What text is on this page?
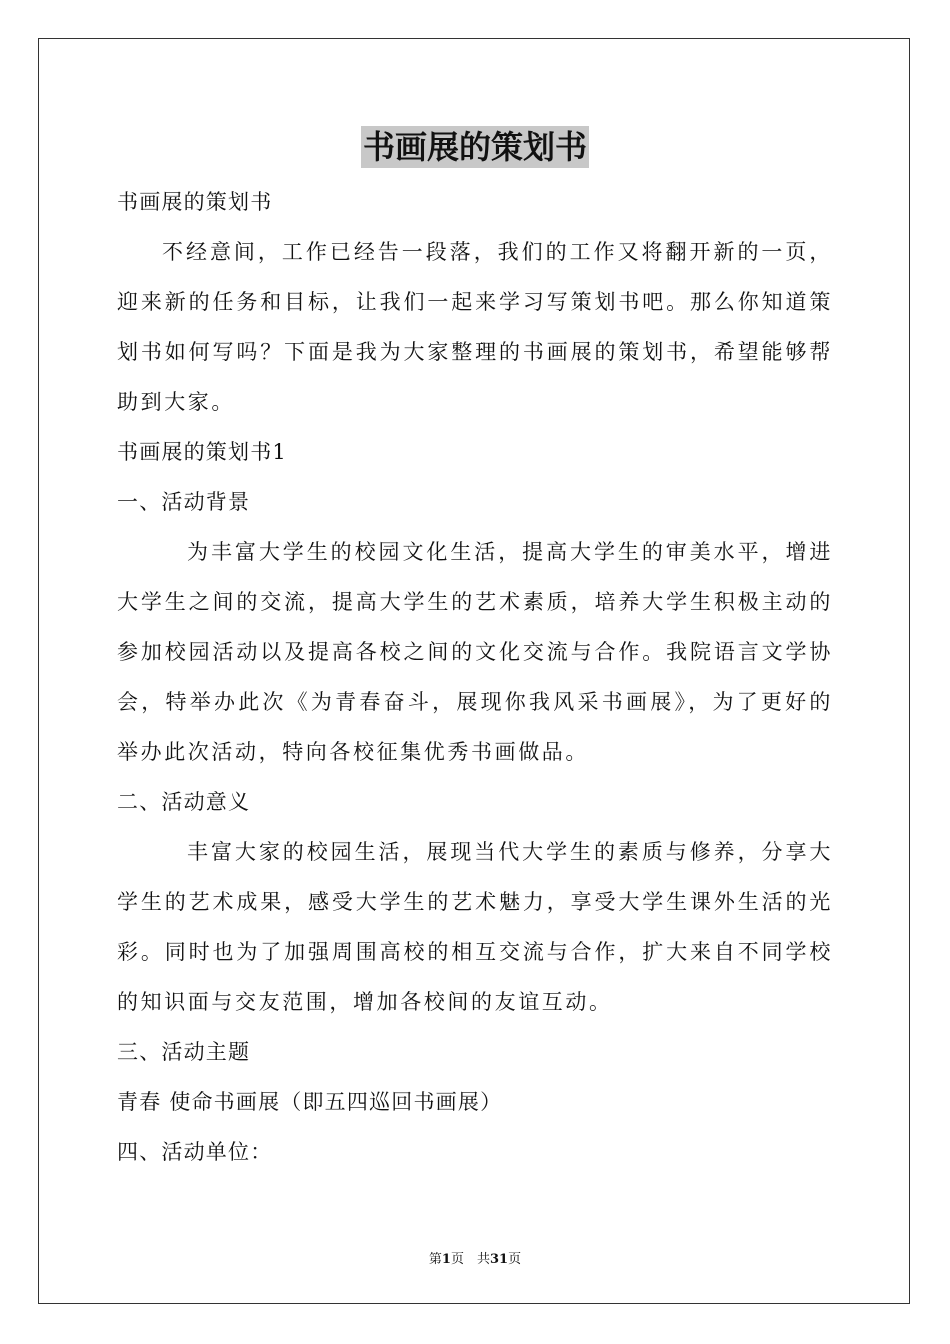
书画展的策划书
书画展的策划书
不经意间，工作已经告一段落，我们的工作又将翻开新的一页，迎来新的任务和目标，让我们一起来学习写策划书吧。那么你知道策划书如何写吗？下面是我为大家整理的书画展的策划书，希望能够帮助到大家。
书画展的策划书1
一、活动背景
为丰富大学生的校园文化生活，提高大学生的审美水平，增进大学生之间的交流，提高大学生的艺术素质，培养大学生积极主动的参加校园活动以及提高各校之间的文化交流与合作。我院语言文学协会，特举办此次《为青春奋斗，展现你我风采书画展》，为了更好的举办此次活动，特向各校征集优秀书画做品。
二、活动意义
丰富大家的校园生活，展现当代大学生的素质与修养，分享大学生的艺术成果，感受大学生的艺术魅力，享受大学生课外生活的光彩。同时也为了加强周围高校的相互交流与合作，扩大来自不同学校的知识面与交友范围，增加各校间的友谊互动。
三、活动主题
青春 使命书画展（即五四巡回书画展）
四、活动单位：
第1页　共31页
